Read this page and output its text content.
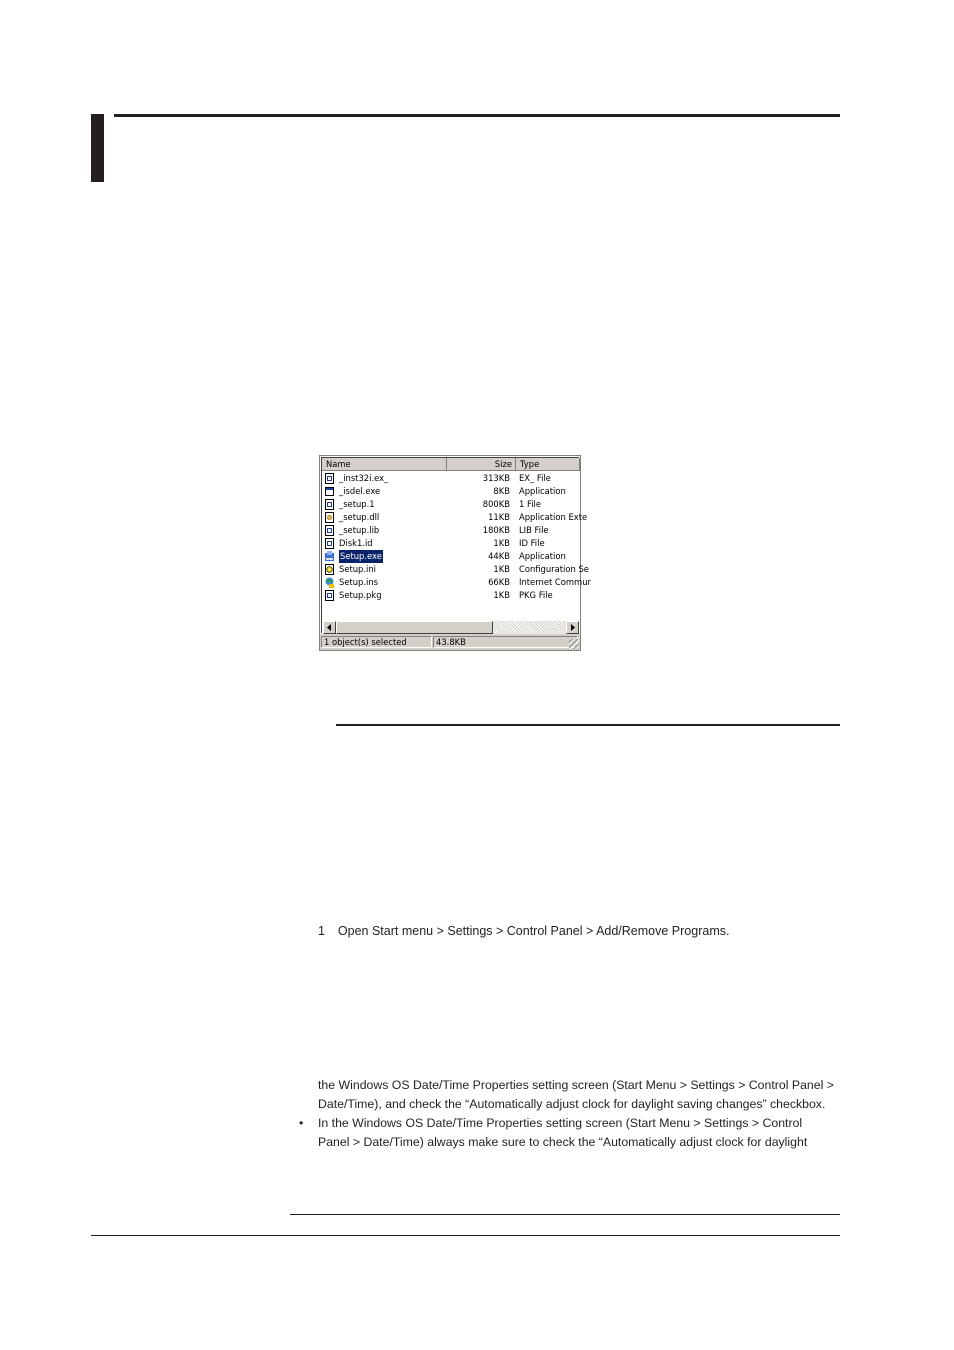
Name	Size Type
_inst32i.ex_	313KB EX_ File
_isdel.exe	8KB Application
_setup.1	800KB 1 File
_setup.dll	11KB Application Exte
_setup.lib	180KB LIB File
Disk1.id	1KB ID File
Setup.exe	44KB Application
Setup.ini	1KB Configuration Se
Setup.ins	66KB Internet Commur
Setup.pkg	1KB PKG File
1 object(s) selected	43.8KB
1 Open Start menu > Settings > Control Panel > Add/Remove Programs.
the Windows OS Date/Time Properties setting screen (Start Menu > Settings > Control Panel >
Date/Time), and check the “Automatically adjust clock for daylight saving changes” checkbox.
• In the Windows OS Date/Time Properties setting screen (Start Menu > Settings > Control
Panel > Date/Time) always make sure to check the “Automatically adjust clock for daylight
